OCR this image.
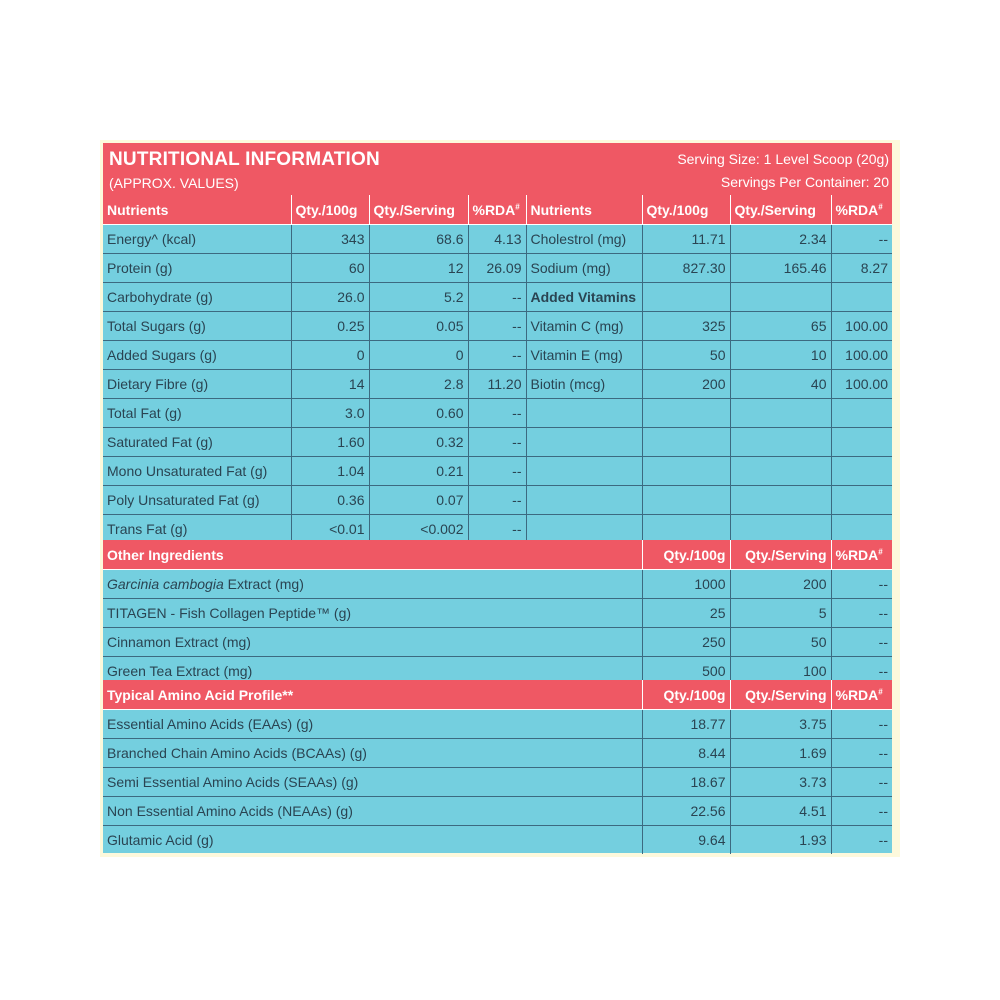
NUTRITIONAL INFORMATION
(APPROX. VALUES)
Serving Size: 1 Level Scoop (20g)
Servings Per Container: 20
Nutrients	Qty./100g	Qty./Serving	%RDA#	Nutrients	Qty./100g	Qty./Serving	%RDA#
Energy^ (kcal)	343	68.6	4.13	Cholestrol (mg)	11.71	2.34	--
Protein (g)	60	12	26.09	Sodium (mg)	827.30	165.46	8.27
Carbohydrate (g)	26.0	5.2	--	Added Vitamins			
Total Sugars (g)	0.25	0.05	--	Vitamin C (mg)	325	65	100.00
Added Sugars (g)	0	0	--	Vitamin E (mg)	50	10	100.00
Dietary Fibre (g)	14	2.8	11.20	Biotin (mcg)	200	40	100.00
Total Fat (g)	3.0	0.60	--				
Saturated Fat (g)	1.60	0.32	--				
Mono Unsaturated Fat (g)	1.04	0.21	--				
Poly Unsaturated Fat (g)	0.36	0.07	--				
Trans Fat (g)	<0.01	<0.002	--				
Other Ingredients	Qty./100g	Qty./Serving	%RDA#
Garcinia cambogia Extract (mg)	1000	200	--
TITAGEN - Fish Collagen Peptide™ (g)	25	5	--
Cinnamon Extract (mg)	250	50	--
Green Tea Extract (mg)	500	100	--
Typical Amino Acid Profile**	Qty./100g	Qty./Serving	%RDA#
Essential Amino Acids (EAAs) (g)	18.77	3.75	--
Branched Chain Amino Acids (BCAAs) (g)	8.44	1.69	--
Semi Essential Amino Acids (SEAAs) (g)	18.67	3.73	--
Non Essential Amino Acids (NEAAs) (g)	22.56	4.51	--
Glutamic Acid (g)	9.64	1.93	--
